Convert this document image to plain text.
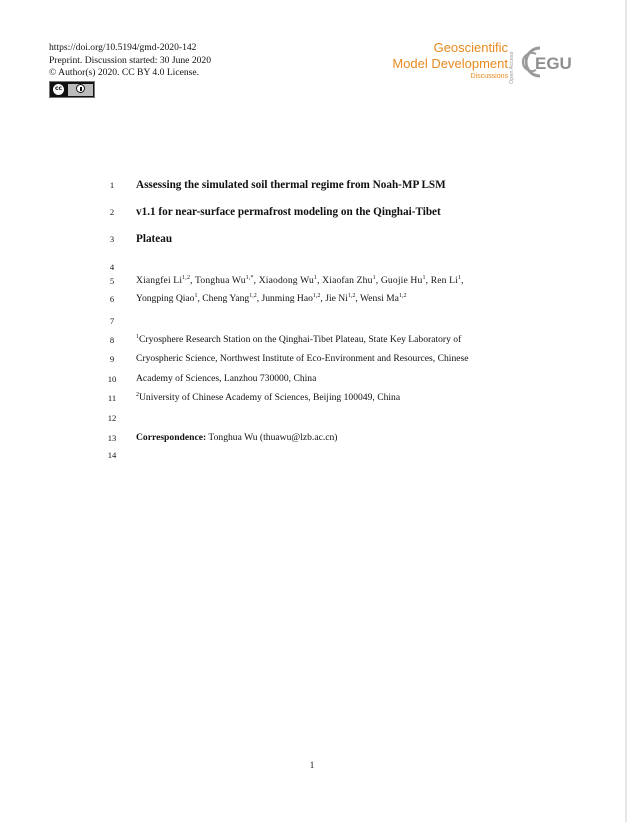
https://doi.org/10.5194/gmd-2020-142
Preprint. Discussion started: 30 June 2020
© Author(s) 2020. CC BY 4.0 License.
cc
Geoscientific
Model Development
Discussions Open Access EGU
1	Assessing the simulated soil thermal regime from Noah-MP LSM
2	v1.1 for near-surface permafrost modeling on the Qinghai-Tibet
3	Plateau
4
5	Xiangfei Li$^{1,2}$, Tonghua $Wu^{1,*}$, Xiaodong Wu$^1$, Xiaofan Zhu$^1$, Guojie Hu$^1$, Ren Li$^1$,
6	Yongping Qiao$^1$, Cheng Yang$^{1,2}$, Junming Hao$^{1,2}$, Jie Ni$^{1,2}$, Wensi Ma$^{1,2}$
7
8	$^1$Cryosphere Research Station on the Qinghai-Tibet Plateau, State Key Laboratory of
9	Cryospheric Science, Northwest Institute of Eco-Environment and Resources, Chinese
10	Academy of Sciences, Lanzhou 730000, China
11	$^2$University of Chinese Academy of Sciences, Beijing 100049, China
12
13	Correspondence: Tonghua Wu (thuawu@lzb.ac.cn)
14
1
